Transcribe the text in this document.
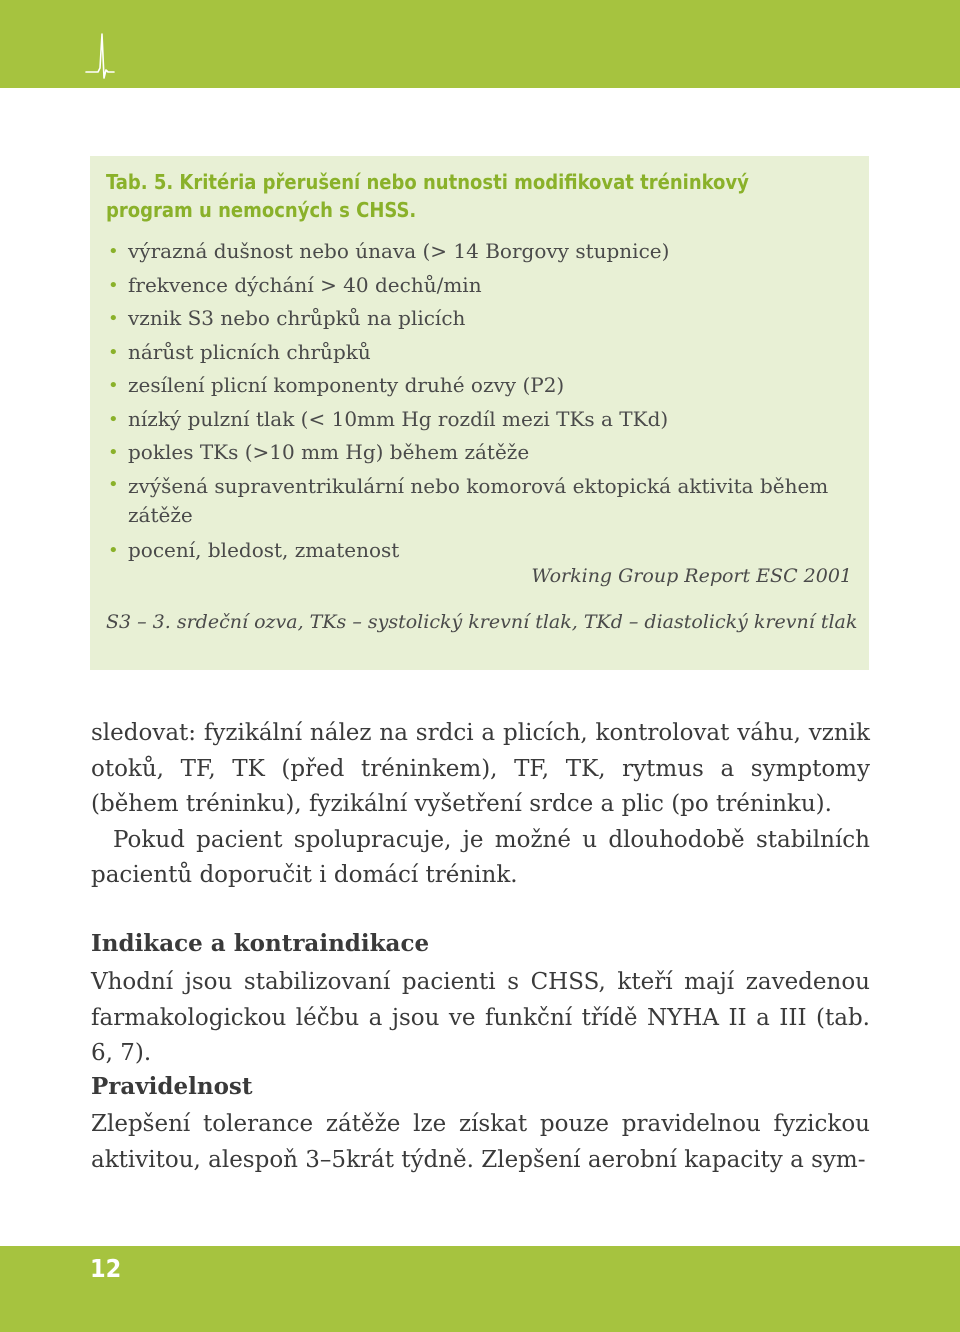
Tab. 5. Kritéria přerušení nebo nutnosti modifikovat tréninkový program u nemocných s CHSS.
• výrazná dušnost nebo únava (> 14 Borgovy stupnice)
• frekvence dýchání > 40 dechů/min
• vznik S3 nebo chrůpků na plicích
• nárůst plicních chrůpků
• zesílení plicní komponenty druhé ozvy (P2)
• nízký pulzní tlak (< 10mm Hg rozdíl mezi TKs a TKd)
• pokles TKs (>10 mm Hg) během zátěže
• zvýšená supraventrikulární nebo komorová ektopická aktivita během zátěže
• pocení, bledost, zmatenost
Working Group Report ESC 2001
S3 – 3. srdeční ozva, TKs – systolický krevní tlak, TKd – diastolický krevní tlak

sledovat: fyzikální nález na srdci a plicích, kontrolovat váhu, vznik otoků, TF, TK (před tréninkem), TF, TK, rytmus a symptomy (během tréninku), fyzikální vyšetření srdce a plic (po tréninku).

Pokud pacient spolupracuje, je možné u dlouhodobě stabilních pacientů doporučit i domácí trénink.

Indikace a kontraindikace

Vhodní jsou stabilizovaní pacienti s CHSS, kteří mají zavedenou farmakologickou léčbu a jsou ve funkční třídě NYHA II a III (tab. 6, 7).

Pravidelnost

Zlepšení tolerance zátěže lze získat pouze pravidelnou fyzickou aktivitou, alespoň 3–5krát týdně. Zlepšení aerobní kapacity a sym-

12
